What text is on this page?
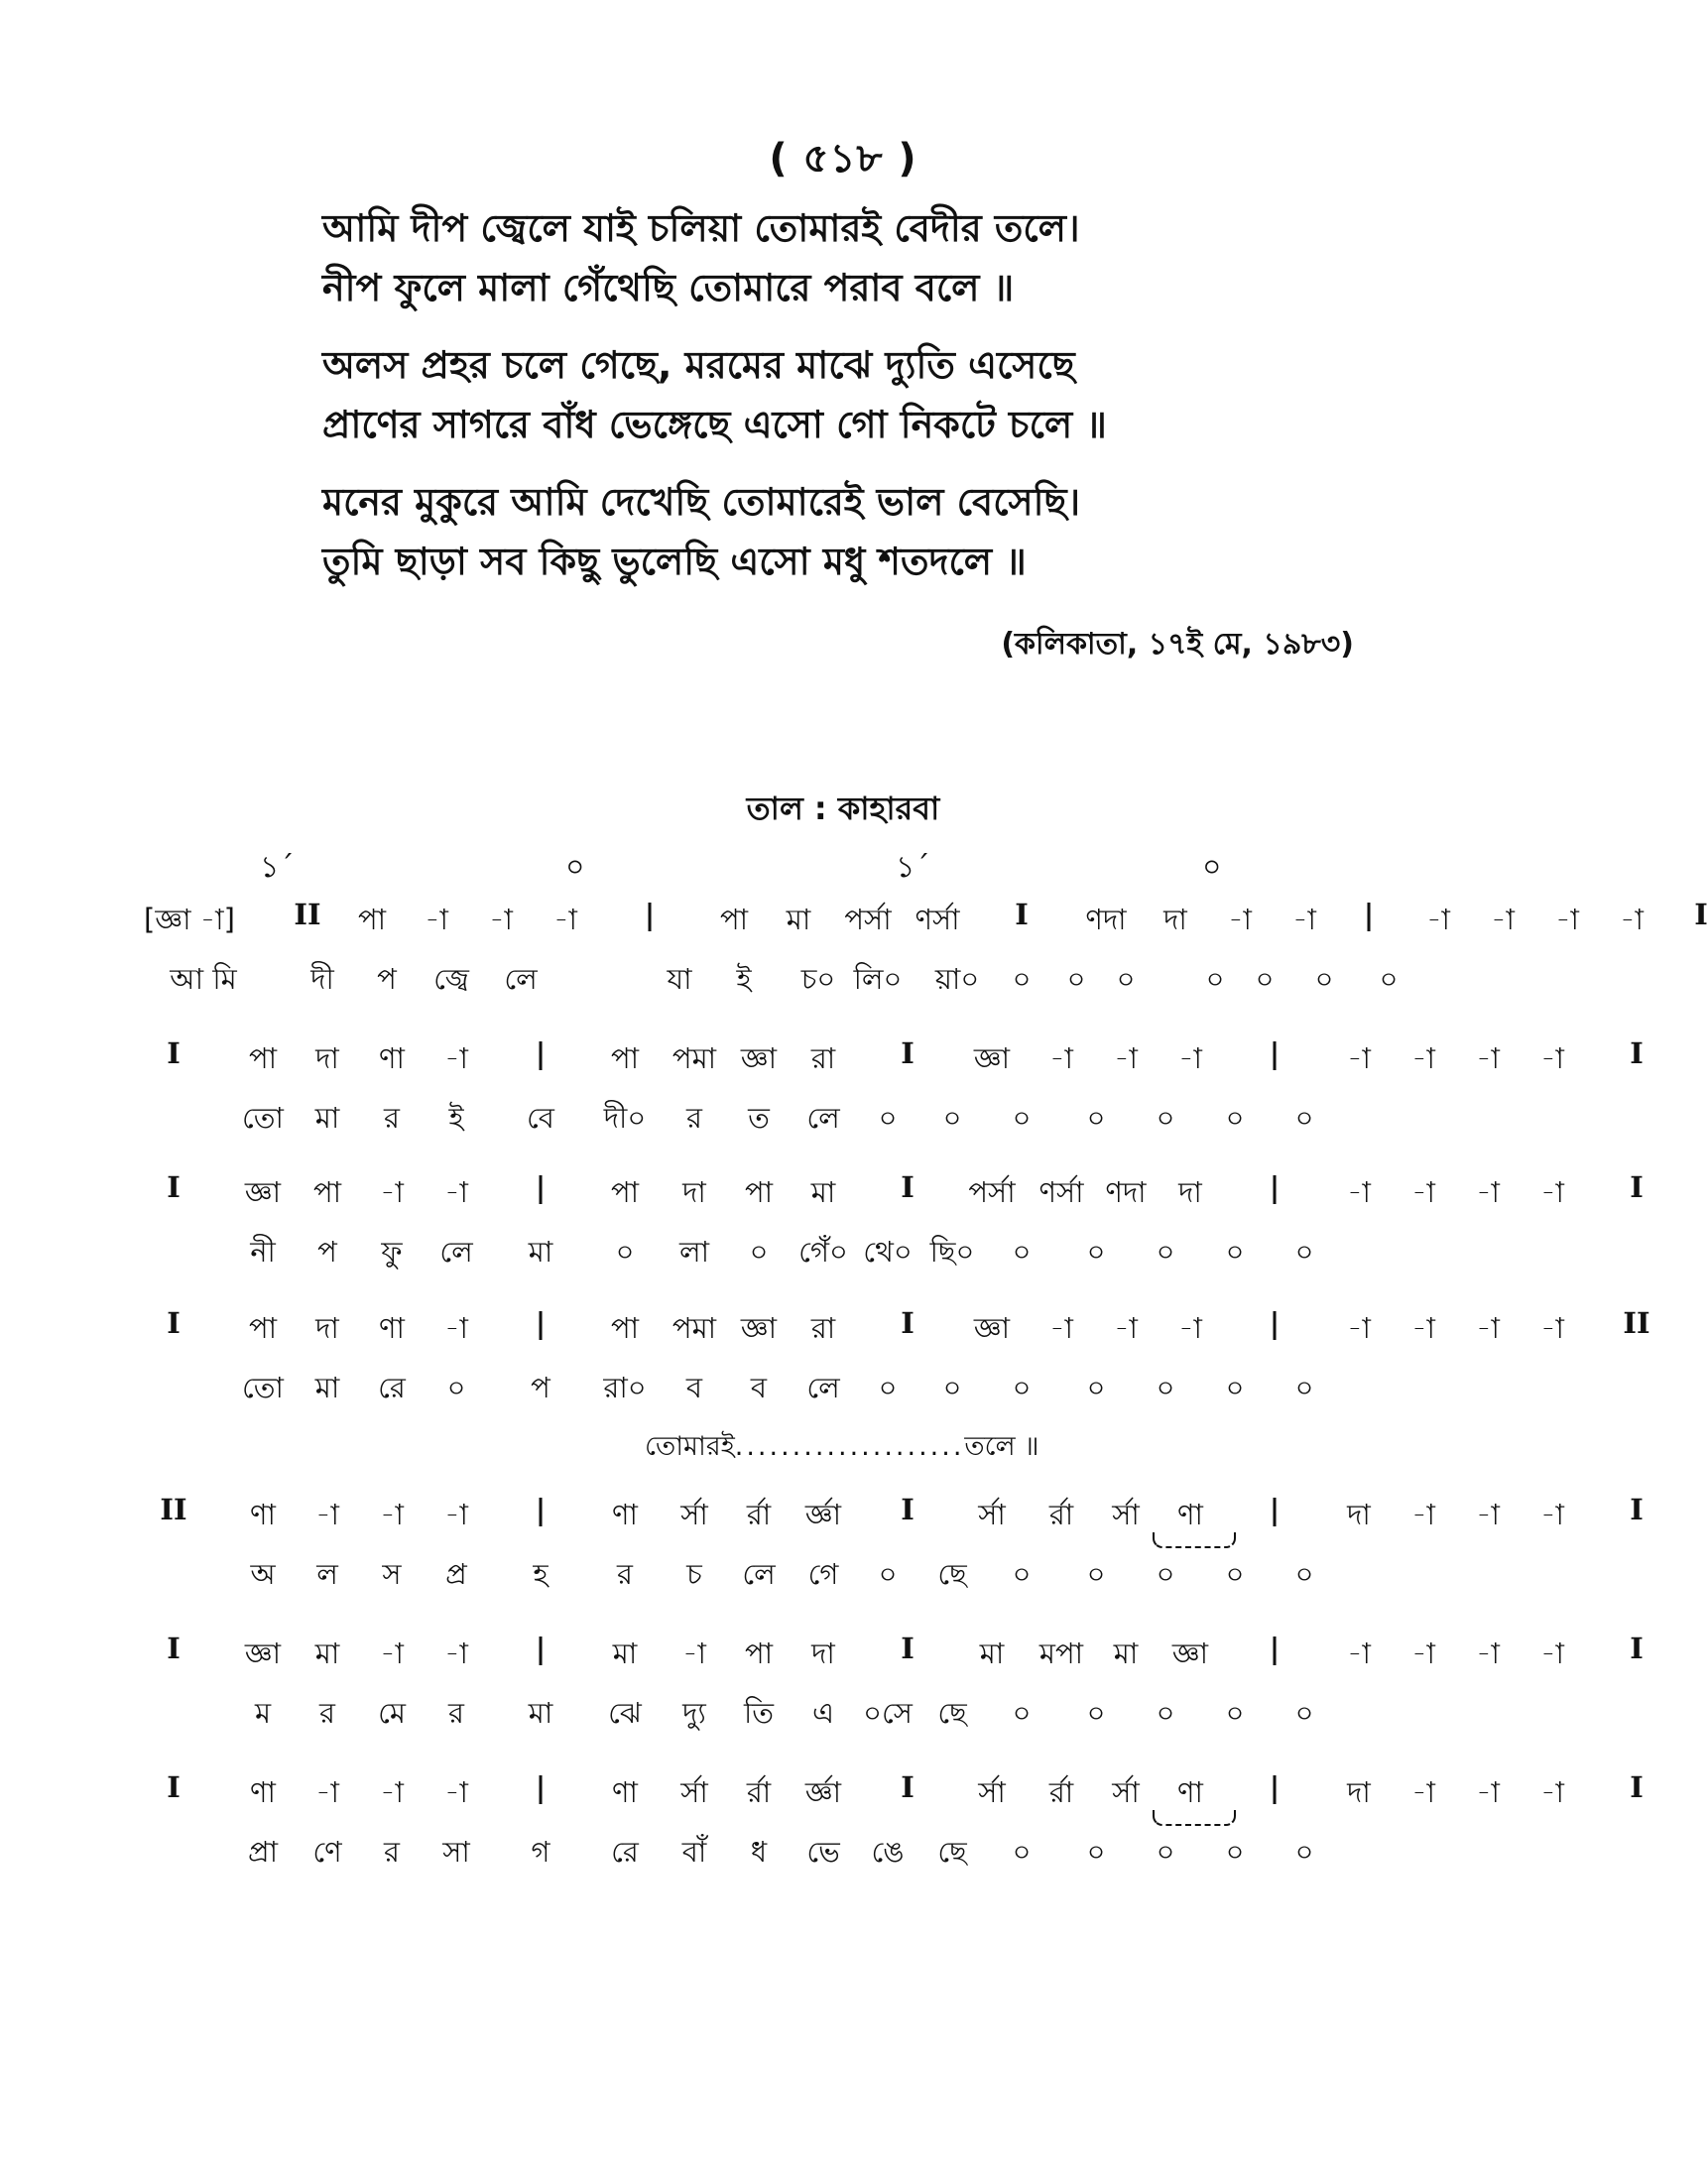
( ৫১৮ )
আমি দীপ জ্বেলে যাই চলিয়া তোমারই বেদীর তলে।
নীপ ফুলে মালা গেঁথেছি তোমারে পরাব বলে ॥
অলস প্রহর চলে গেছে, মরমের মাঝে দ্যুতি এসেছে
প্রাণের সাগরে বাঁধ ভেঙ্গেছে এসো গো নিকটে চলে ॥
মনের মুকুরে আমি দেখেছি তোমারেই ভাল বেসেছি।
তুমি ছাড়া সব কিছু ভুলেছি এসো মধু শতদলে ॥
(কলিকাতা, ১৭ই মে, ১৯৮৩)
তাল : কাহারবা
১´	০	১´	০
[জ্ঞা -া] II পা -া -া -া | পা মা পর্সা ণর্সা I ণদা দা -া -া | -া -া -া -া I
আ মি	দী প জ্বে লে	যা ই চ০ লি০ য়া০ ০ ০ ০ ০ ০ ০ ০
I পা দা ণা -া | পা পমা জ্ঞা রা I জ্ঞা -া -া -া | -া -া -া -া I
তো মা র ই বে দী০ র ত লে ০ ০ ০ ০ ০ ০ ০
I জ্ঞা পা -া -া | পা দা পা মা I পর্সা ণর্সা ণদা দা | -া -া -া -া I
নী প ফু লে মা ০ লা ০ গেঁ০ থে০ ছি০ ০ ০ ০ ০ ০
I পা দা ণা -া | পা পমা জ্ঞা রা I জ্ঞা -া -া -া | -া -া -া -া II
তো মা রে ০ প রা০ ব ব লে ০ ০ ০ ০ ০ ০ ০
II ণা -া -া -া | ণা র্সা র্রা র্জ্ঞা I র্সা র্রা র্সা ণা | দা -া -া -া I
অ ল স প্র হ র চ লে গে ০ ছে ০ ০ ০ ০ ০
I জ্ঞা মা -া -া | মা -া পা দা I মা মপা মা জ্ঞা | -া -া -া -া I
ম র মে র মা ঝে দ্যু তি এ ০সে ছে ০ ০ ০ ০ ০
I ণা -া -া -া | ণা র্সা র্রা র্জ্ঞা I র্সা র্রা র্সা ণা | দা -া -া -া I
প্রা ণে র সা গ রে বাঁ ধ ভে ঙে ছে ০ ০ ০ ০ ০
তোমারই....................তলে ॥
